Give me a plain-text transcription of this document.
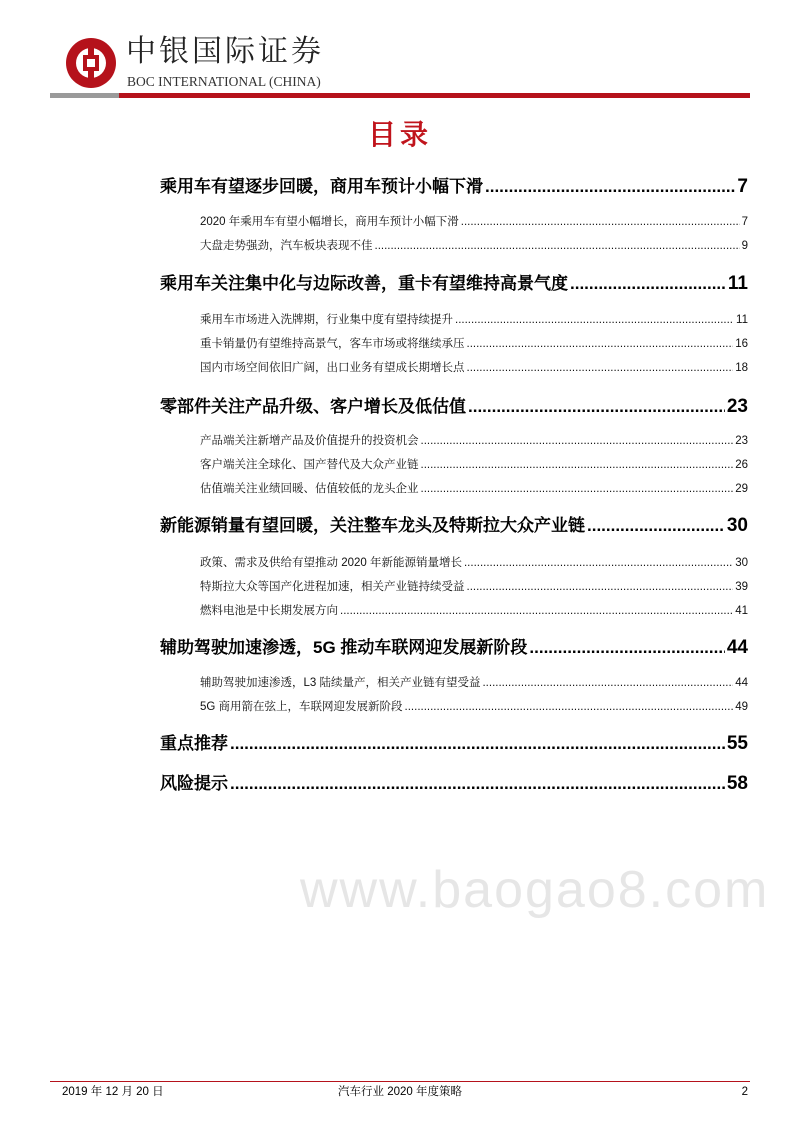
中银国际证券
BOC INTERNATIONAL (CHINA)
目录
乘用车有望逐步回暖，商用车预计小幅下滑 .....	7
2020 年乘用车有望小幅增长，商用车预计小幅下滑 .....	7
大盘走势强劲，汽车板块表现不佳 .....	9
乘用车关注集中化与边际改善，重卡有望维持高景气度 .....	11
乘用车市场进入洗牌期，行业集中度有望持续提升 .....	11
重卡销量仍有望维持高景气，客车市场或将继续承压 .....	16
国内市场空间依旧广阔，出口业务有望成长期增长点 .....	18
零部件关注产品升级、客户增长及低估值 .....	23
产品端关注新增产品及价值提升的投资机会 .....	23
客户端关注全球化、国产替代及大众产业链 .....	26
估值端关注业绩回暖、估值较低的龙头企业 .....	29
新能源销量有望回暖，关注整车龙头及特斯拉大众产业链 .....	30
政策、需求及供给有望推动 2020 年新能源销量增长 .....	30
特斯拉大众等国产化进程加速，相关产业链持续受益 .....	39
燃料电池是中长期发展方向 .....	41
辅助驾驶加速渗透，5G 推动车联网迎发展新阶段 .....	44
辅助驾驶加速渗透，L3 陆续量产，相关产业链有望受益 .....	44
5G 商用箭在弦上，车联网迎发展新阶段 .....	49
重点推荐 .....	55
风险提示 .....	58
www.baogao8.com
2019 年 12 月 20 日	汽车行业 2020 年度策略	2
